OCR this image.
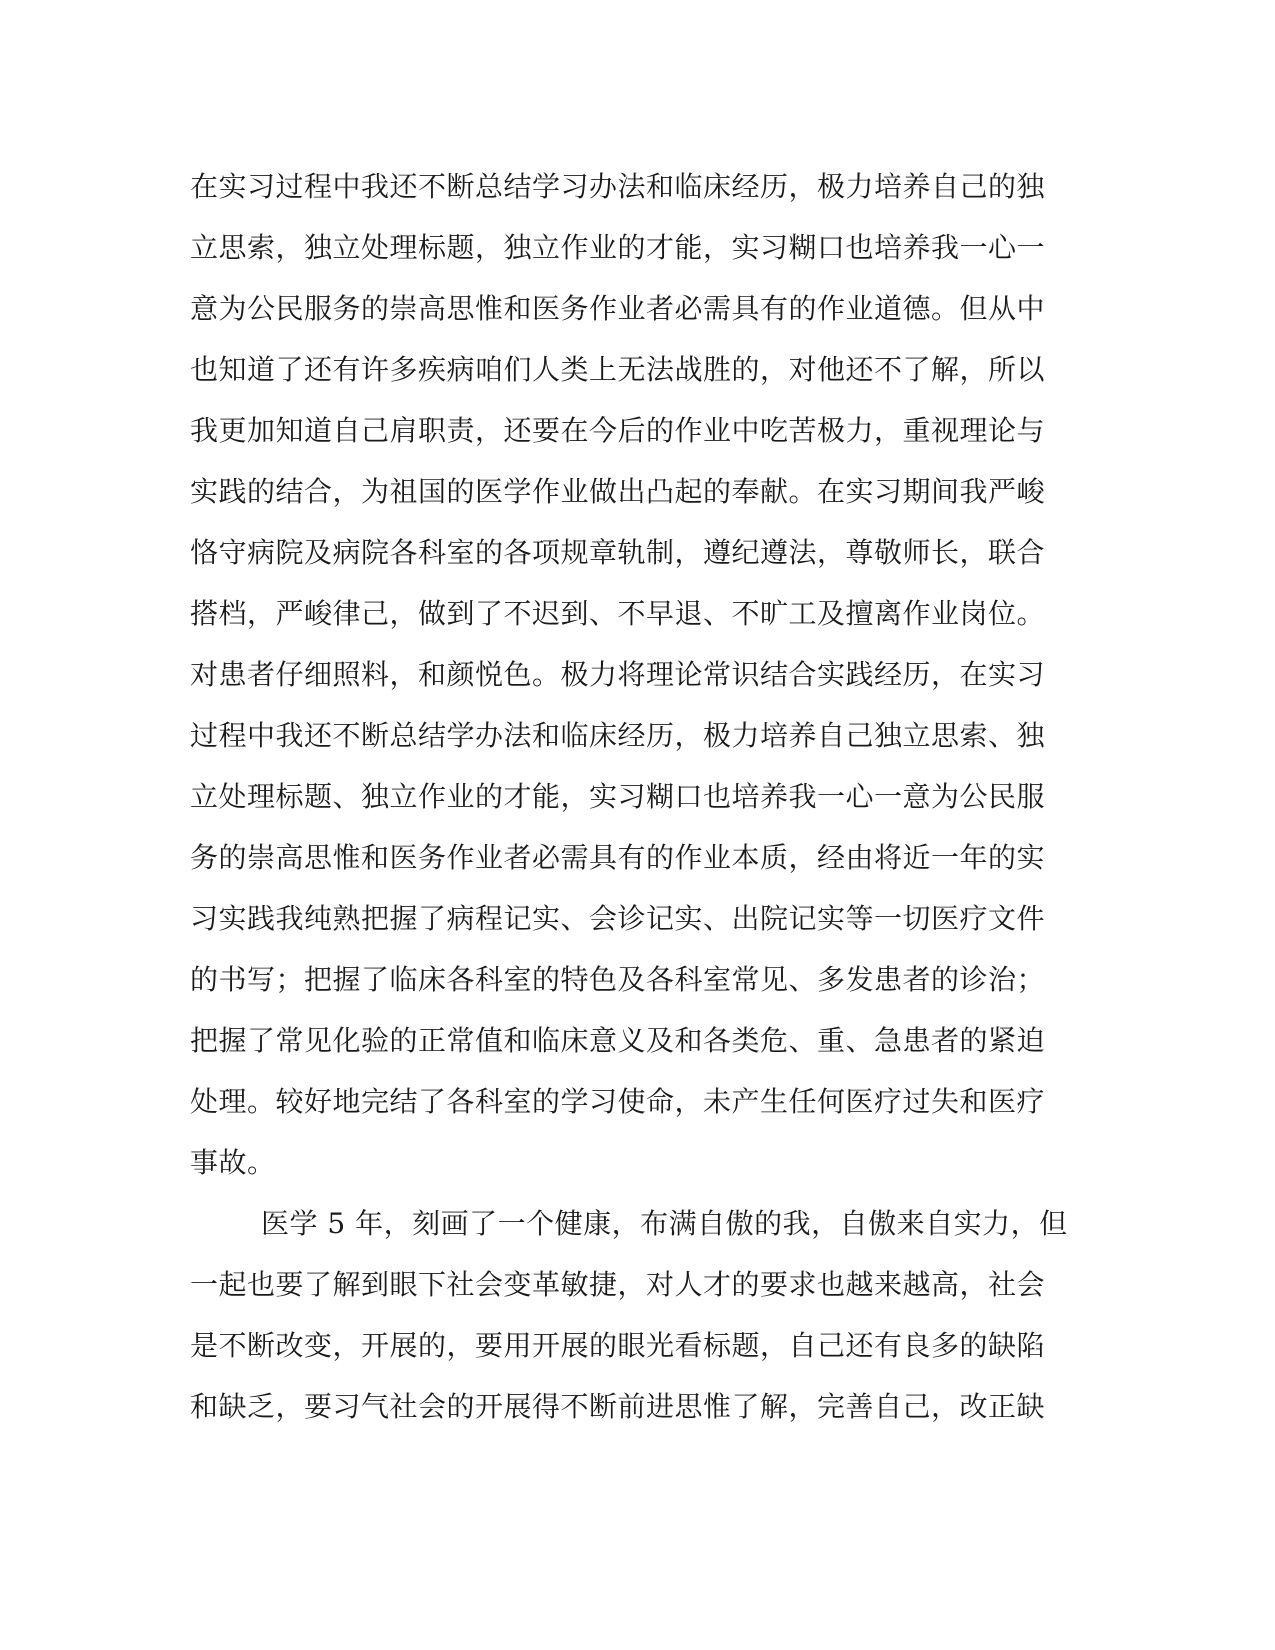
在实习过程中我还不断总结学习办法和临床经历，极力培养自己的独
立思索，独立处理标题，独立作业的才能，实习糊口也培养我一心一
意为公民服务的崇高思惟和医务作业者必需具有的作业道德。但从中
也知道了还有许多疾病咱们人类上无法战胜的，对他还不了解，所以
我更加知道自己肩职责，还要在今后的作业中吃苦极力，重视理论与
实践的结合，为祖国的医学作业做出凸起的奉献。在实习期间我严峻
恪守病院及病院各科室的各项规章轨制，遵纪遵法，尊敬师长，联合
搭档，严峻律己，做到了不迟到、不早退、不旷工及擅离作业岗位。
对患者仔细照料，和颜悦色。极力将理论常识结合实践经历，在实习
过程中我还不断总结学办法和临床经历，极力培养自己独立思索、独
立处理标题、独立作业的才能，实习糊口也培养我一心一意为公民服
务的崇高思惟和医务作业者必需具有的作业本质，经由将近一年的实
习实践我纯熟把握了病程记实、会诊记实、出院记实等一切医疗文件
的书写；把握了临床各科室的特色及各科室常见、多发患者的诊治；
把握了常见化验的正常值和临床意义及和各类危、重、急患者的紧迫
处理。较好地完结了各科室的学习使命，未产生任何医疗过失和医疗
事故。
医学 5 年，刻画了一个健康，布满自傲的我，自傲来自实力，但
一起也要了解到眼下社会变革敏捷，对人才的要求也越来越高，社会
是不断改变，开展的，要用开展的眼光看标题，自己还有良多的缺陷
和缺乏，要习气社会的开展得不断前进思惟了解，完善自己，改正缺
